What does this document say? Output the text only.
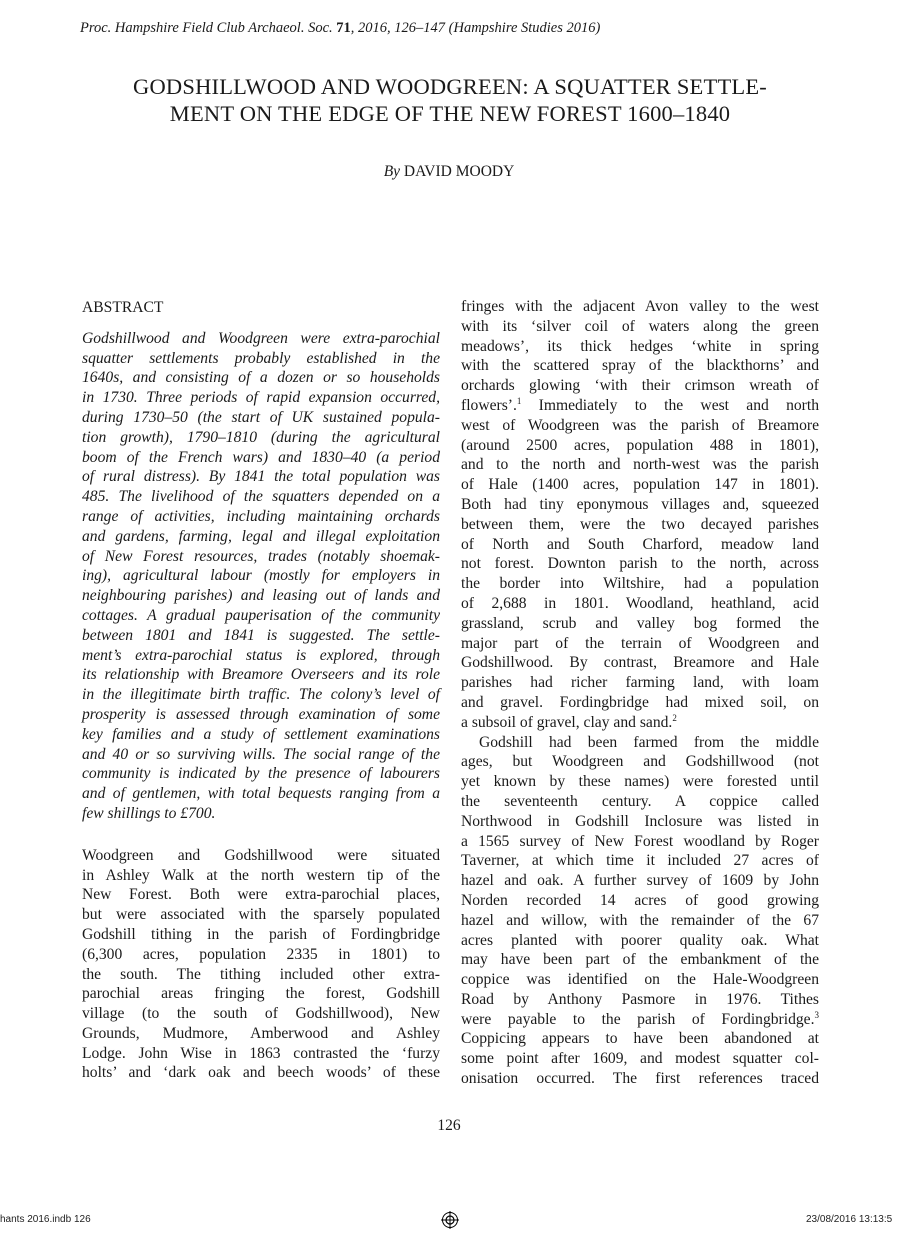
Proc. Hampshire Field Club Archaeol. Soc. 71, 2016, 126–147 (Hampshire Studies 2016)
GODSHILLWOOD AND WOODGREEN: A SQUATTER SETTLE-
MENT ON THE EDGE OF THE NEW FOREST 1600–1840
By DAVID MOODY
ABSTRACT
Godshillwood and Woodgreen were extra-parochial
squatter settlements probably established in the
1640s, and consisting of a dozen or so households
in 1730. Three periods of rapid expansion occurred,
during 1730–50 (the start of UK sustained popula-
tion growth), 1790–1810 (during the agricultural
boom of the French wars) and 1830–40 (a period
of rural distress). By 1841 the total population was
485. The livelihood of the squatters depended on a
range of activities, including maintaining orchards
and gardens, farming, legal and illegal exploitation
of New Forest resources, trades (notably shoemak-
ing), agricultural labour (mostly for employers in
neighbouring parishes) and leasing out of lands and
cottages. A gradual pauperisation of the community
between 1801 and 1841 is suggested. The settle-
ment’s extra-parochial status is explored, through
its relationship with Breamore Overseers and its role
in the illegitimate birth traffic. The colony’s level of
prosperity is assessed through examination of some
key families and a study of settlement examinations
and 40 or so surviving wills. The social range of the
community is indicated by the presence of labourers
and of gentlemen, with total bequests ranging from a
few shillings to £700.
Woodgreen and Godshillwood were situated
in Ashley Walk at the north western tip of the
New Forest. Both were extra-parochial places,
but were associated with the sparsely populated
Godshill tithing in the parish of Fordingbridge
(6,300 acres, population 2335 in 1801) to
the south. The tithing included other extra-
parochial areas fringing the forest, Godshill
village (to the south of Godshillwood), New
Grounds, Mudmore, Amberwood and Ashley
Lodge. John Wise in 1863 contrasted the ‘furzy
holts’ and ‘dark oak and beech woods’ of these
fringes with the adjacent Avon valley to the west
with its ‘silver coil of waters along the green
meadows’, its thick hedges ‘white in spring
with the scattered spray of the blackthorns’ and
orchards glowing ‘with their crimson wreath of
flowers’.$^1$ Immediately to the west and north
west of Woodgreen was the parish of Breamore
(around 2500 acres, population 488 in 1801),
and to the north and north-west was the parish
of Hale (1400 acres, population 147 in 1801).
Both had tiny eponymous villages and, squeezed
between them, were the two decayed parishes
of North and South Charford, meadow land
not forest. Downton parish to the north, across
the border into Wiltshire, had a population
of 2,688 in 1801. Woodland, heathland, acid
grassland, scrub and valley bog formed the
major part of the terrain of Woodgreen and
Godshillwood. By contrast, Breamore and Hale
parishes had richer farming land, with loam
and gravel. Fordingbridge had mixed soil, on
a subsoil of gravel, clay and sand.$^2$
Godshill had been farmed from the middle
ages, but Woodgreen and Godshillwood (not
yet known by these names) were forested until
the seventeenth century. A coppice called
Northwood in Godshill Inclosure was listed in
a 1565 survey of New Forest woodland by Roger
Taverner, at which time it included 27 acres of
hazel and oak. A further survey of 1609 by John
Norden recorded 14 acres of good growing
hazel and willow, with the remainder of the 67
acres planted with poorer quality oak. What
may have been part of the embankment of the
coppice was identified on the Hale-Woodgreen
Road by Anthony Pasmore in 1976. Tithes
were payable to the parish of Fordingbridge.$^3$
Coppicing appears to have been abandoned at
some point after 1609, and modest squatter col-
onisation occurred. The first references traced
126
hants 2016.indb 126	23/08/2016 13:13:5
